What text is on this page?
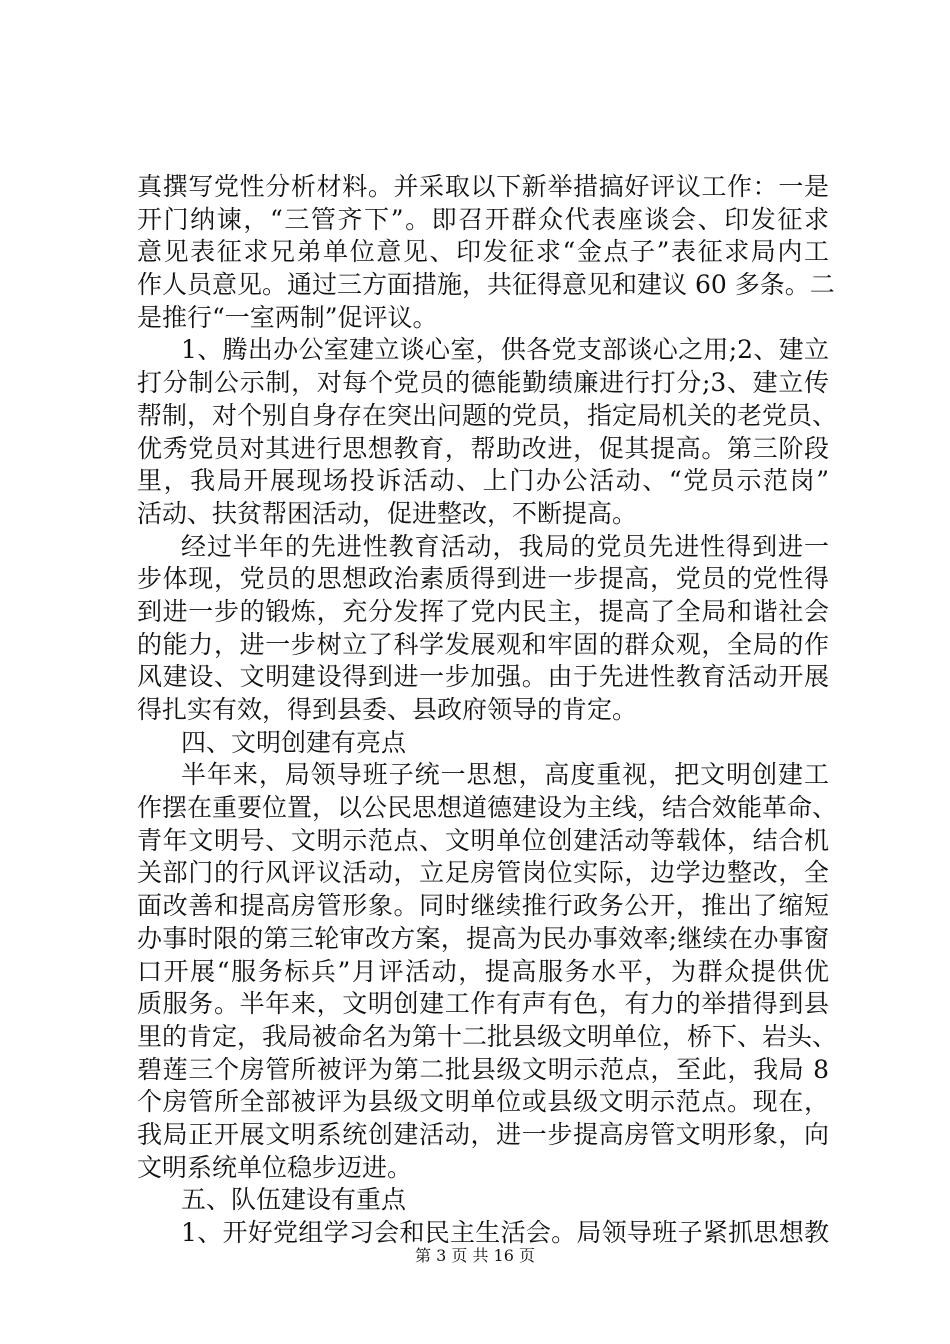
真撰写党性分析材料。并采取以下新举措搞好评议工作：一是
开门纳谏，“三管齐下”。即召开群众代表座谈会、印发征求
意见表征求兄弟单位意见、印发征求“金点子”表征求局内工
作人员意见。通过三方面措施，共征得意见和建议 60 多条。二
是推行“一室两制”促评议。
1、腾出办公室建立谈心室，供各党支部谈心之用;2、建立
打分制公示制，对每个党员的德能勤绩廉进行打分;3、建立传
帮制，对个别自身存在突出问题的党员，指定局机关的老党员、
优秀党员对其进行思想教育，帮助改进，促其提高。第三阶段
里，我局开展现场投诉活动、上门办公活动、“党员示范岗”
活动、扶贫帮困活动，促进整改，不断提高。
经过半年的先进性教育活动，我局的党员先进性得到进一
步体现，党员的思想政治素质得到进一步提高，党员的党性得
到进一步的锻炼，充分发挥了党内民主，提高了全局和谐社会
的能力，进一步树立了科学发展观和牢固的群众观，全局的作
风建设、文明建设得到进一步加强。由于先进性教育活动开展
得扎实有效，得到县委、县政府领导的肯定。
四、文明创建有亮点
半年来，局领导班子统一思想，高度重视，把文明创建工
作摆在重要位置，以公民思想道德建设为主线，结合效能革命、
青年文明号、文明示范点、文明单位创建活动等载体，结合机
关部门的行风评议活动，立足房管岗位实际，边学边整改，全
面改善和提高房管形象。同时继续推行政务公开，推出了缩短
办事时限的第三轮审改方案，提高为民办事效率;继续在办事窗
口开展“服务标兵”月评活动，提高服务水平，为群众提供优
质服务。半年来，文明创建工作有声有色，有力的举措得到县
里的肯定，我局被命名为第十二批县级文明单位，桥下、岩头、
碧莲三个房管所被评为第二批县级文明示范点，至此，我局 8
个房管所全部被评为县级文明单位或县级文明示范点。现在，
我局正开展文明系统创建活动，进一步提高房管文明形象，向
文明系统单位稳步迈进。
五、队伍建设有重点
1、开好党组学习会和民主生活会。局领导班子紧抓思想教
第 3 页 共 16 页
